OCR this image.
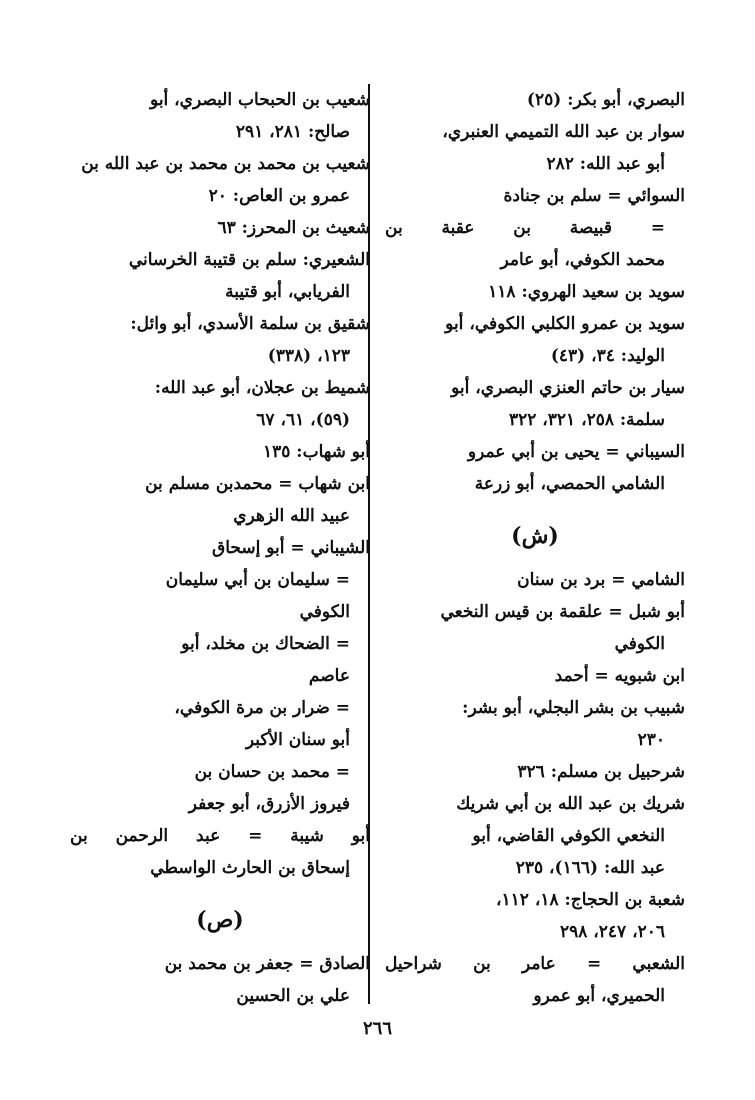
البصري، أبو بكر: (٢٥)
سوار بن عبد الله التميمي العنبري،
أبو عبد الله: ٢٨٢
السوائي = سلم بن جنادة
= قبيصة بن عقبة بن
محمد الكوفي، أبو عامر
سويد بن سعيد الهروي: ١١٨
سويد بن عمرو الكلبي الكوفي، أبو
الوليد: ٣٤، (٤٣)
سيار بن حاتم العنزي البصري، أبو
سلمة: ٢٥٨، ٣٢١، ٣٢٢
السيباني = يحيى بن أبي عمرو
الشامي الحمصي، أبو زرعة
(ش)
الشامي = برد بن سنان
أبو شبل = علقمة بن قيس النخعي
الكوفي
ابن شبويه = أحمد
شبيب بن بشر البجلي، أبو بشر:
٢٣٠
شرحبيل بن مسلم: ٣٢٦
شريك بن عبد الله بن أبي شريك
النخعي الكوفي القاضي، أبو
عبد الله: (١٦٦)، ٢٣٥
شعبة بن الحجاج: ١٨، ١١٢،
٢٠٦، ٢٤٧، ٢٩٨
الشعبي = عامر بن شراحيل
الحميري، أبو عمرو
شعيب بن الحبحاب البصري، أبو
صالح: ٢٨١، ٢٩١
شعيب بن محمد بن محمد بن عبد الله بن
عمرو بن العاص: ٢٠
شعيث بن المحرز: ٦٣
الشعيري: سلم بن قتيبة الخرساني
الفريابي، أبو قتيبة
شقيق بن سلمة الأسدي، أبو وائل:
١٢٣، (٣٣٨)
شميط بن عجلان، أبو عبد الله:
(٥٩)، ٦١، ٦٧
أبو شهاب: ١٣٥
ابن شهاب = محمدبن مسلم بن
عبيد الله الزهري
الشيباني = أبو إسحاق
= سليمان بن أبي سليمان
الكوفي
= الضحاك بن مخلد، أبو
عاصم
= ضرار بن مرة الكوفي،
أبو سنان الأكبر
= محمد بن حسان بن
فيروز الأزرق، أبو جعفر
أبو شيبة = عبد الرحمن بن
إسحاق بن الحارث الواسطي
(ص)
الصادق = جعفر بن محمد بن
علي بن الحسين
٢٦٦
